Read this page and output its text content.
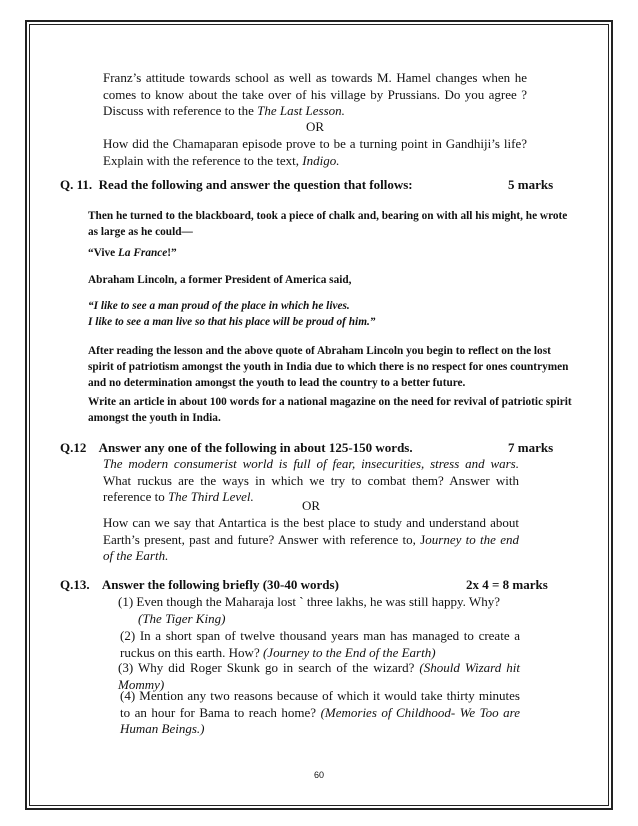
Franz’s attitude towards school as well as towards M. Hamel changes when he comes to know about the take over of his village by Prussians. Do you agree ? Discuss with reference to the The Last Lesson.
OR
How did the Chamaparan episode prove to be a turning point in Gandhiji’s life? Explain with the reference to the text, Indigo.
Q. 11. Read the following and answer the question that follows:	5 marks
Then he turned to the blackboard, took a piece of chalk and, bearing on with all his might, he wrote as large as he could—
“Vive La France!”
Abraham Lincoln, a former President of America said,
“I like to see a man proud of the place in which he lives.
I like to see a man live so that his place will be proud of him.”
After reading the lesson and the above quote of Abraham Lincoln you begin to reflect on the lost spirit of patriotism amongst the youth in India due to which there is no respect for ones countrymen and no determination amongst the youth to lead the country to a better future.
Write an article in about 100 words for a national magazine on the need for revival of patriotic spirit amongst the youth in India.
Q.12 Answer any one of the following in about 125-150 words.	7 marks
The modern consumerist world is full of fear, insecurities, stress and wars. What ruckus are the ways in which we try to combat them? Answer with reference to The Third Level.
OR
How can we say that Antartica is the best place to study and understand about Earth’s present, past and future? Answer with reference to, Journey to the end of the Earth.
Q.13. Answer the following briefly (30-40 words)	2x 4 = 8 marks
(1) Even though the Maharaja lost ` three lakhs, he was still happy. Why?
(The Tiger King)
(2) In a short span of twelve thousand years man has managed to create a ruckus on this earth. How? (Journey to the End of the Earth)
(3) Why did Roger Skunk go in search of the wizard? (Should Wizard hit Mommy)
(4) Mention any two reasons because of which it would take thirty minutes to an hour for Bama to reach home? (Memories of Childhood- We Too are Human Beings.)
60
